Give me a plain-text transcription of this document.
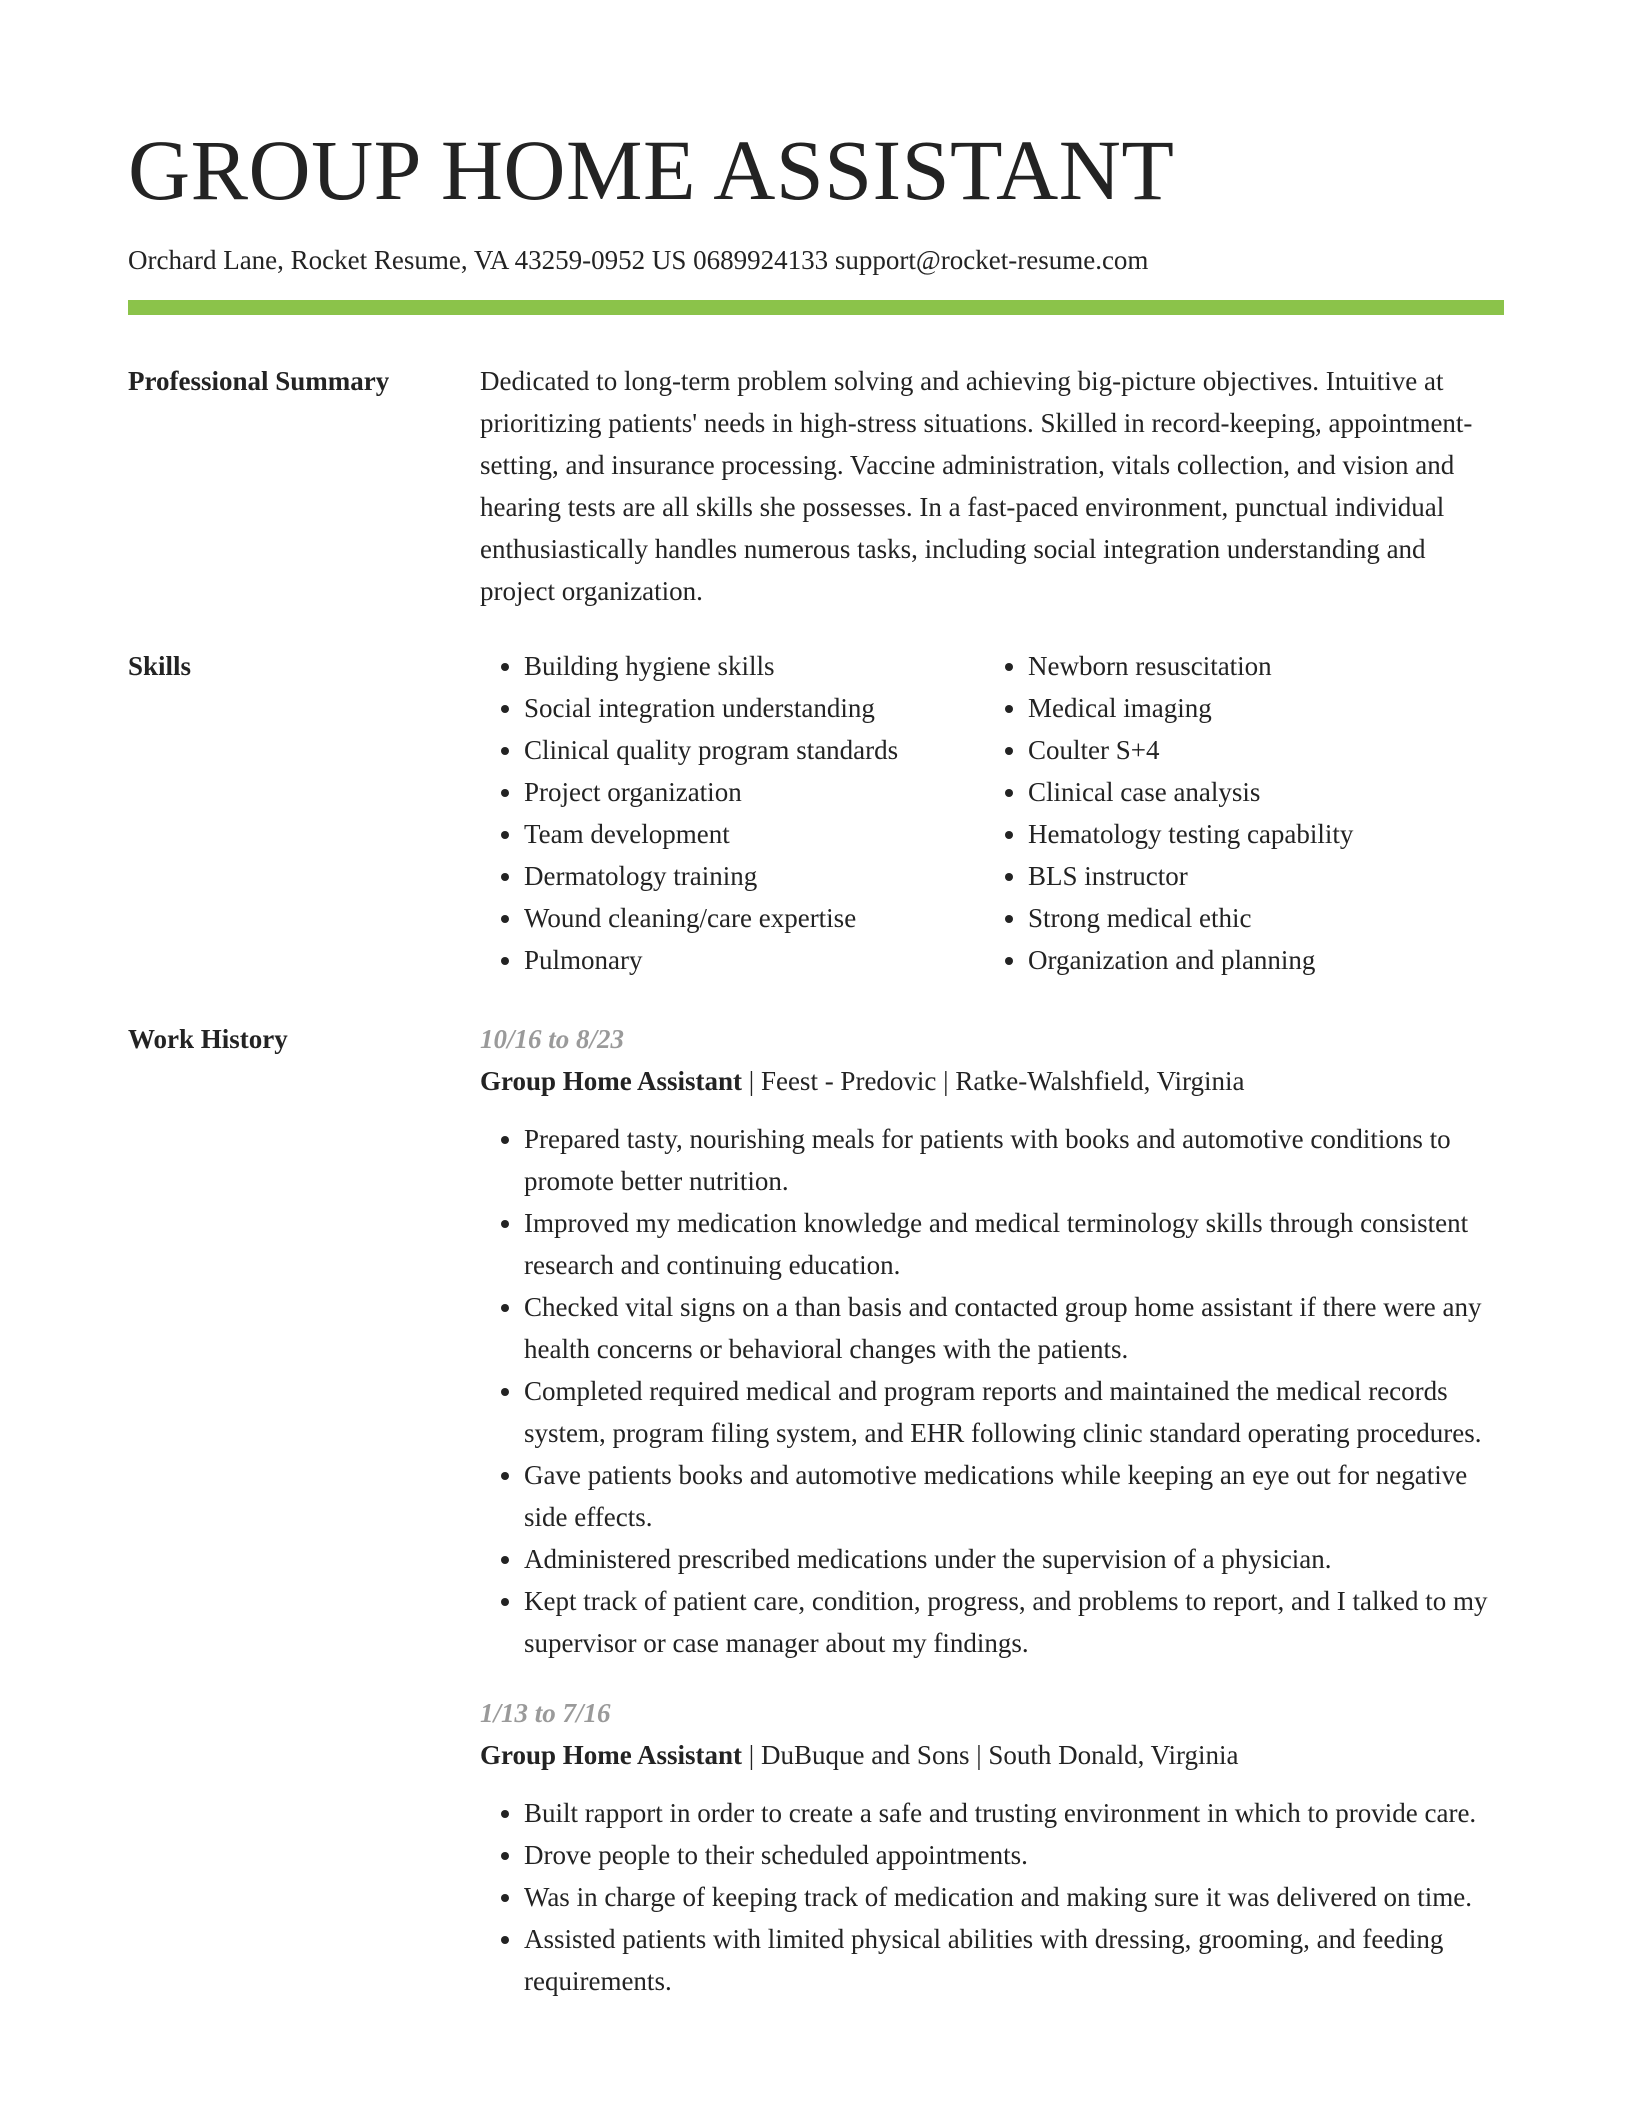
GROUP HOME ASSISTANT
Orchard Lane, Rocket Resume, VA 43259-0952 US 0689924133 support@rocket-resume.com
Professional Summary	Dedicated to long-term problem solving and achieving big-picture objectives. Intuitive at prioritizing patients' needs in high-stress situations. Skilled in record-keeping, appointment-setting, and insurance processing. Vaccine administration, vitals collection, and vision and hearing tests are all skills she possesses. In a fast-paced environment, punctual individual enthusiastically handles numerous tasks, including social integration understanding and project organization.

Skills
•	Building hygiene skills
• Social integration understanding
• Clinical quality program standards
• Project organization
• Team development
• Dermatology training
• Wound cleaning/care expertise
• Pulmonary
• Newborn resuscitation
• Medical imaging
• Coulter S+4
• Clinical case analysis
• Hematology testing capability
• BLS instructor
• Strong medical ethic
• Organization and planning
Work History	10/16 to 8/23
Group Home Assistant | Feest - Predovic | Ratke-Walshfield, Virginia
• Prepared tasty, nourishing meals for patients with books and automotive conditions to promote better nutrition.
• Improved my medication knowledge and medical terminology skills through consistent research and continuing education.
• Checked vital signs on a than basis and contacted group home assistant if there were any health concerns or behavioral changes with the patients.
• Completed required medical and program reports and maintained the medical records system, program filing system, and EHR following clinic standard operating procedures.
• Gave patients books and automotive medications while keeping an eye out for negative side effects.
• Administered prescribed medications under the supervision of a physician.
• Kept track of patient care, condition, progress, and problems to report, and I talked to my supervisor or case manager about my findings.
1/13 to 7/16
Group Home Assistant | DuBuque and Sons | South Donald, Virginia
• Built rapport in order to create a safe and trusting environment in which to provide care.
• Drove people to their scheduled appointments.
• Was in charge of keeping track of medication and making sure it was delivered on time.
• Assisted patients with limited physical abilities with dressing, grooming, and feeding requirements.
